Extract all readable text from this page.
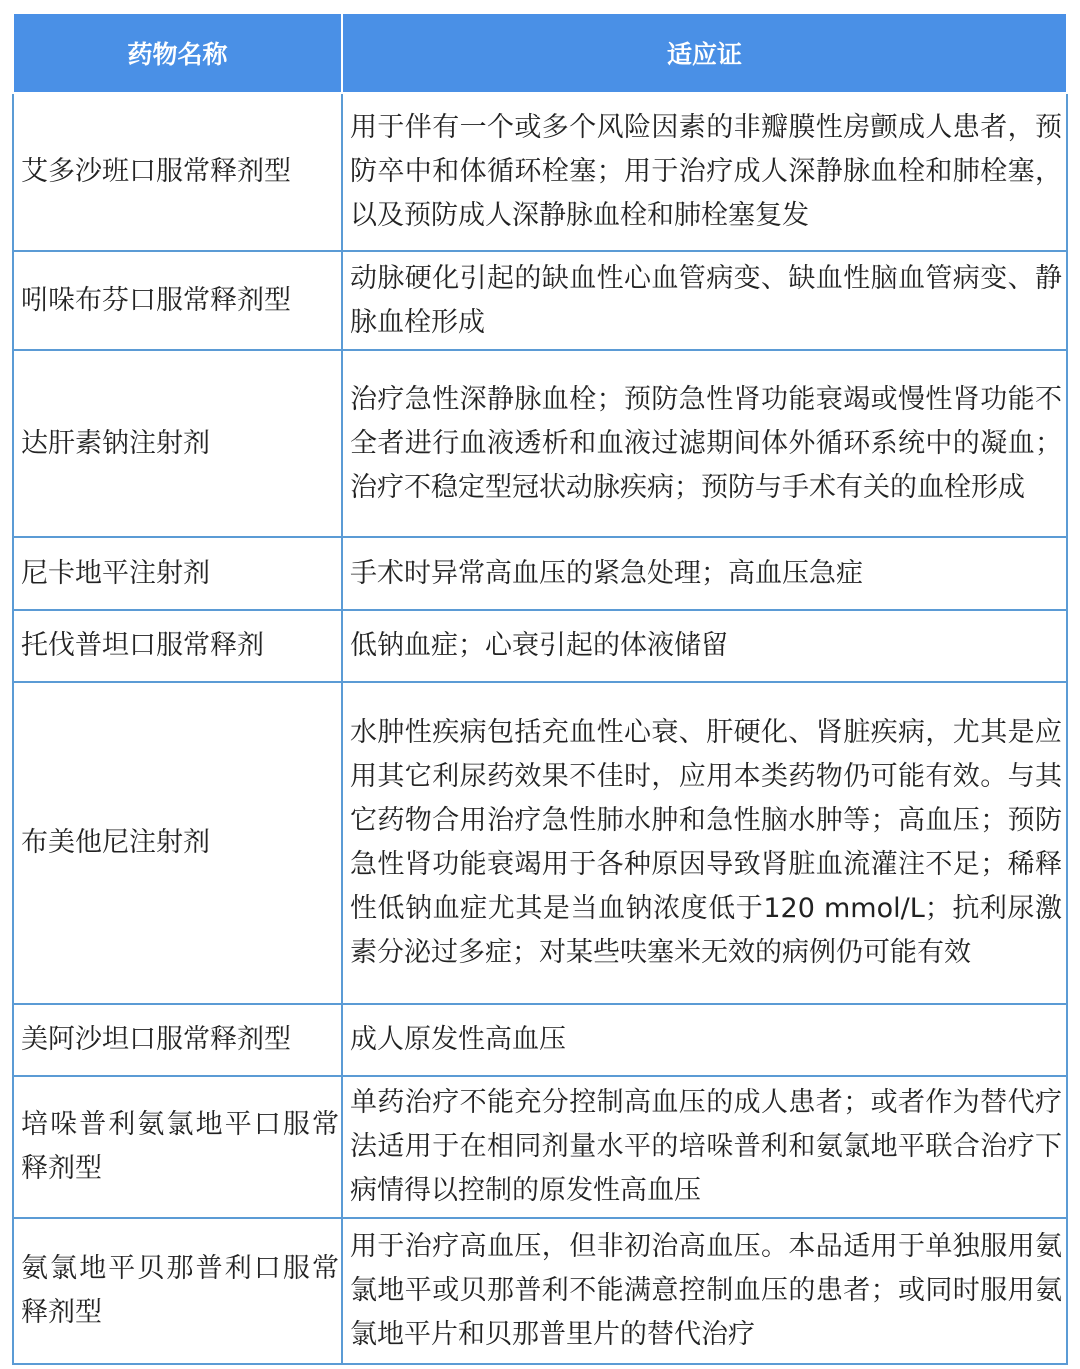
药物名称	适应证
艾多沙班口服常释剂型	用于伴有一个或多个风险因素的非瓣膜性房颤成人患者，预防卒中和体循环栓塞；用于治疗成人深静脉血栓和肺栓塞，以及预防成人深静脉血栓和肺栓塞复发
吲哚布芬口服常释剂型	动脉硬化引起的缺血性心血管病变、缺血性脑血管病变、静脉血栓形成
达肝素钠注射剂	治疗急性深静脉血栓；预防急性肾功能衰竭或慢性肾功能不全者进行血液透析和血液过滤期间体外循环系统中的凝血；治疗不稳定型冠状动脉疾病；预防与手术有关的血栓形成
尼卡地平注射剂	手术时异常高血压的紧急处理；高血压急症
托伐普坦口服常释剂	低钠血症；心衰引起的体液储留
布美他尼注射剂	水肿性疾病包括充血性心衰、肝硬化、肾脏疾病，尤其是应用其它利尿药效果不佳时，应用本类药物仍可能有效。与其它药物合用治疗急性肺水肿和急性脑水肿等；高血压；预防急性肾功能衰竭用于各种原因导致肾脏血流灌注不足；稀释性低钠血症尤其是当血钠浓度低于120 mmol/L；抗利尿激素分泌过多症；对某些呋塞米无效的病例仍可能有效
美阿沙坦口服常释剂型	成人原发性高血压
培哚普利氨氯地平口服常释剂型	单药治疗不能充分控制高血压的成人患者；或者作为替代疗法适用于在相同剂量水平的培哚普利和氨氯地平联合治疗下病情得以控制的原发性高血压
氨氯地平贝那普利口服常释剂型	用于治疗高血压，但非初治高血压。本品适用于单独服用氨氯地平或贝那普利不能满意控制血压的患者；或同时服用氨氯地平片和贝那普里片的替代治疗
